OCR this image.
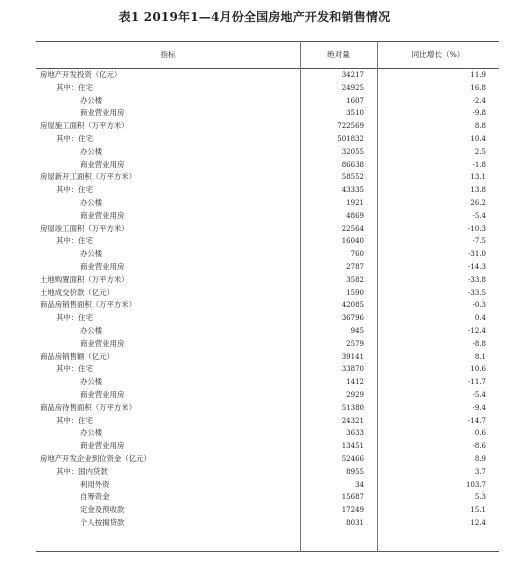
表1 2019年1—4月份全国房地产开发和销售情况
指标	绝对量	同比增长（%）
房地产开发投资（亿元）	34217	11.9
其中：住宅	24925	16.8
办公楼	1607	-2.4
商业营业用房	3510	-9.8
房屋施工面积（万平方米）	722569	8.8
其中：住宅	501832	10.4
办公楼	32055	2.5
商业营业用房	86638	-1.8
房屋新开工面积（万平方米）	58552	13.1
其中：住宅	43335	13.8
办公楼	1921	26.2
商业营业用房	4869	-5.4
房屋竣工面积（万平方米）	22564	-10.3
其中：住宅	16040	-7.5
办公楼	760	-31.0
商业营业用房	2787	-14.3
土地购置面积（万平方米）	3582	-33.8
土地成交价款（亿元）	1590	-33.5
商品房销售面积（万平方米）	42085	-0.3
其中：住宅	36796	0.4
办公楼	945	-12.4
商业营业用房	2579	-8.8
商品房销售额（亿元）	39141	8.1
其中：住宅	33870	10.6
办公楼	1412	-11.7
商业营业用房	2929	-5.4
商品房待售面积（万平方米）	51380	-9.4
其中：住宅	24321	-14.7
办公楼	3633	0.6
商业营业用房	13451	-8.6
房地产开发企业到位资金（亿元）	52466	8.9
其中：国内贷款	8955	3.7
利用外资	34	103.7
自筹资金	15687	5.3
定金及预收款	17249	15.1
个人按揭贷款	8031	12.4
